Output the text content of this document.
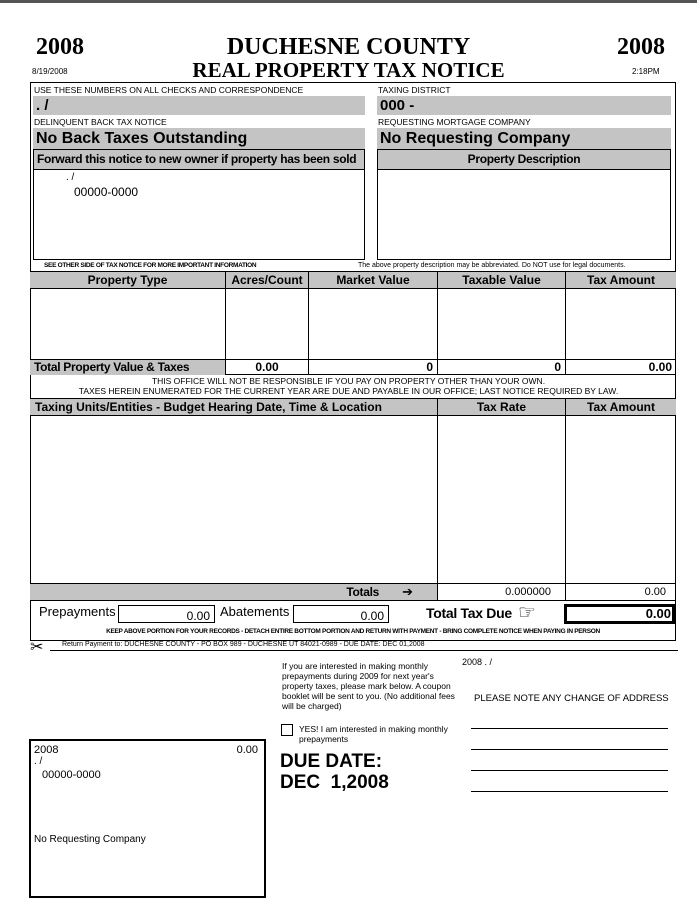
2008
8/19/2008
DUCHESNE COUNTY
REAL PROPERTY TAX NOTICE
2008
2:18PM
USE THESE NUMBERS ON ALL CHECKS AND CORRESPONDENCE
. /
DELINQUENT BACK TAX NOTICE
No Back Taxes Outstanding
TAXING DISTRICT
000 -
REQUESTING MORTGAGE COMPANY
No Requesting Company
Forward this notice to new owner if property has been sold
. /
00000-0000
Property Description
SEE OTHER SIDE OF TAX NOTICE FOR MORE IMPORTANT INFORMATION	The above property description may be abbreviated. Do NOT use for legal documents.
Property Type	Acres/Count	Market Value	Taxable Value	Tax Amount
Total Property Value & Taxes	0.00	0	0	0.00
THIS OFFICE WILL NOT BE RESPONSIBLE IF YOU PAY ON PROPERTY OTHER THAN YOUR OWN.
TAXES HEREIN ENUMERATED FOR THE CURRENT YEAR ARE DUE AND PAYABLE IN OUR OFFICE; LAST NOTICE REQUIRED BY LAW.
Taxing Units/Entities - Budget Hearing Date, Time & Location	Tax Rate	Tax Amount
Totals ➔	0.000000	0.00
Prepayments	0.00 Abatements	0.00	Total Tax Due ☞	0.00
KEEP ABOVE PORTION FOR YOUR RECORDS - DETACH ENTIRE BOTTOM PORTION AND RETURN WITH PAYMENT - BRING COMPLETE NOTICE WHEN PAYING IN PERSON
✂	Return Payment to: DUCHESNE COUNTY - PO BOX 989 - DUCHESNE UT 84021-0989 - DUE DATE: DEC 01,2008
If you are interested in making monthly prepayments during 2009 for next year's property taxes, please mark below. A coupon booklet will be sent to you. (No additional fees will be charged)
2008 . /
PLEASE NOTE ANY CHANGE OF ADDRESS
YES! I am interested in making monthly prepayments
DUE DATE:
DEC  1,2008
2008	0.00
. /
00000-0000
No Requesting Company
